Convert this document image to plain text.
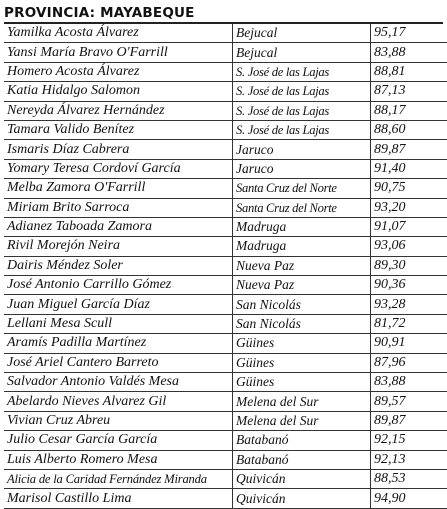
PROVINCIA: MAYABEQUE
Yamilka Acosta Álvarez	Bejucal	95,17
Yansi María Bravo O'Farrill	Bejucal	83,88
Homero Acosta Álvarez	S. José de las Lajas	88,81
Katia Hidalgo Salomon	S. José de las Lajas	87,13
Nereyda Álvarez Hernández	S. José de las Lajas	88,17
Tamara Valido Benítez	S. José de las Lajas	88,60
Ismaris Díaz Cabrera	Jaruco	89,87
Yomary Teresa Cordoví García	Jaruco	91,40
Melba Zamora O'Farrill	Santa Cruz del Norte	90,75
Miriam Brito Sarroca	Santa Cruz del Norte	93,20
Adianez Taboada Zamora	Madruga	91,07
Rivil Morejón Neira	Madruga	93,06
Dairis Méndez Soler	Nueva Paz	89,30
José Antonio Carrillo Gómez	Nueva Paz	90,36
Juan Miguel García Díaz	San Nicolás	93,28
Lellani Mesa Scull	San Nicolás	81,72
Aramís Padilla Martínez	Güines	90,91
José Ariel Cantero Barreto	Güines	87,96
Salvador Antonio Valdés Mesa	Güines	83,88
Abelardo Nieves Alvarez Gil	Melena del Sur	89,57
Vivian Cruz Abreu	Melena del Sur	89,87
Julio Cesar García García	Batabanó	92,15
Luis Alberto Romero Mesa	Batabanó	92,13
Alicia de la Caridad Fernández Miranda	Quivicán	88,53
Marisol Castillo Lima	Quivicán	94,90
